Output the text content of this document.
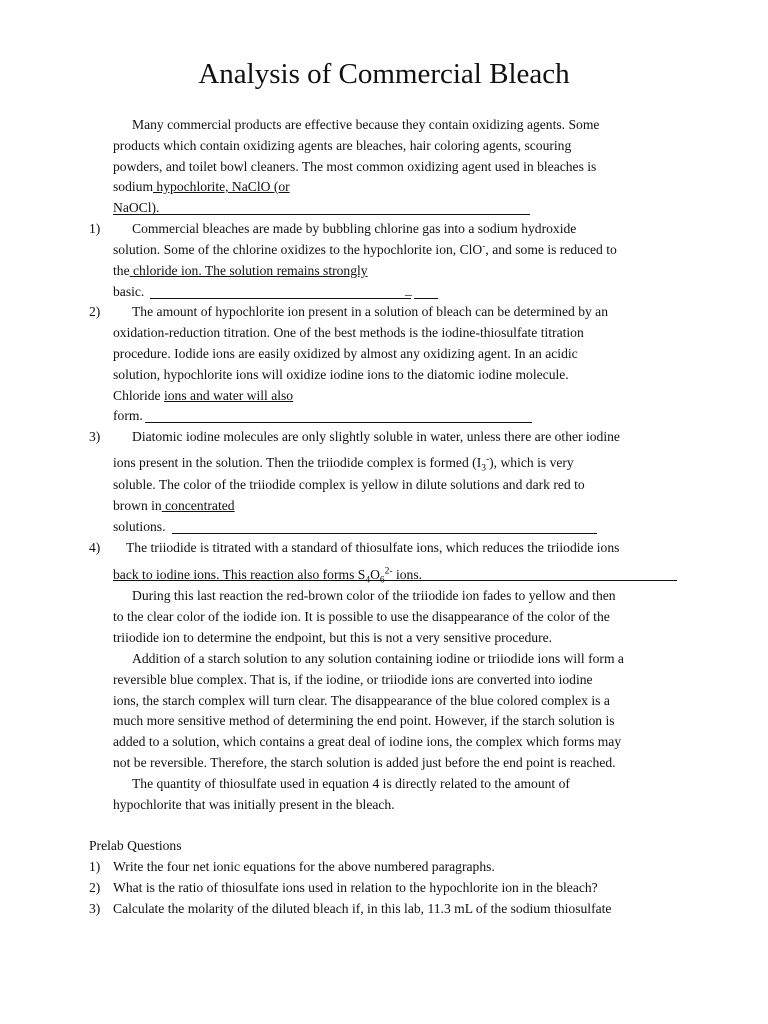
Analysis of Commercial Bleach
Many commercial products are effective because they contain oxidizing agents. Some
products which contain oxidizing agents are bleaches, hair coloring agents, scouring
powders, and toilet bowl cleaners. The most common oxidizing agent used in bleaches is
sodium hypochlorite, NaClO (or
NaOCl).
1) Commercial bleaches are made by bubbling chlorine gas into a sodium hydroxide
solution. Some of the chlorine oxidizes to the hypochlorite ion, ClO-, and some is reduced to
the chloride ion. The solution remains strongly
basic.	_
2) The amount of hypochlorite ion present in a solution of bleach can be determined by an
oxidation-reduction titration. One of the best methods is the iodine-thiosulfate titration
procedure. Iodide ions are easily oxidized by almost any oxidizing agent. In an acidic
solution, hypochlorite ions will oxidize iodine ions to the diatomic iodine molecule.
Chloride ions and water will also
form.
3) Diatomic iodine molecules are only slightly soluble in water, unless there are other iodine
ions present in the solution. Then the triiodide complex is formed $(I_3^-)$, which is very
soluble. The color of the triiodide complex is yellow in dilute solutions and dark red to
brown in concentrated
solutions.
4) The triiodide is titrated with a standard of thiosulfate ions, which reduces the triiodide ions
back to iodine ions. This reaction also forms $S_4O_6^{2-}$ ions.
During this last reaction the red-brown color of the triiodide ion fades to yellow and then
to the clear color of the iodide ion. It is possible to use the disappearance of the color of the
triiodide ion to determine the endpoint, but this is not a very sensitive procedure.
Addition of a starch solution to any solution containing iodine or triiodide ions will form a
reversible blue complex. That is, if the iodine, or triiodide ions are converted into iodine
ions, the starch complex will turn clear. The disappearance of the blue colored complex is a
much more sensitive method of determining the end point. However, if the starch solution is
added to a solution, which contains a great deal of iodine ions, the complex which forms may
not be reversible. Therefore, the starch solution is added just before the end point is reached.
The quantity of thiosulfate used in equation 4 is directly related to the amount of
hypochlorite that was initially present in the bleach.
Prelab Questions
1) Write the four net ionic equations for the above numbered paragraphs.
2) What is the ratio of thiosulfate ions used in relation to the hypochlorite ion in the bleach?
3) Calculate the molarity of the diluted bleach if, in this lab, 11.3 mL of the sodium thiosulfate
